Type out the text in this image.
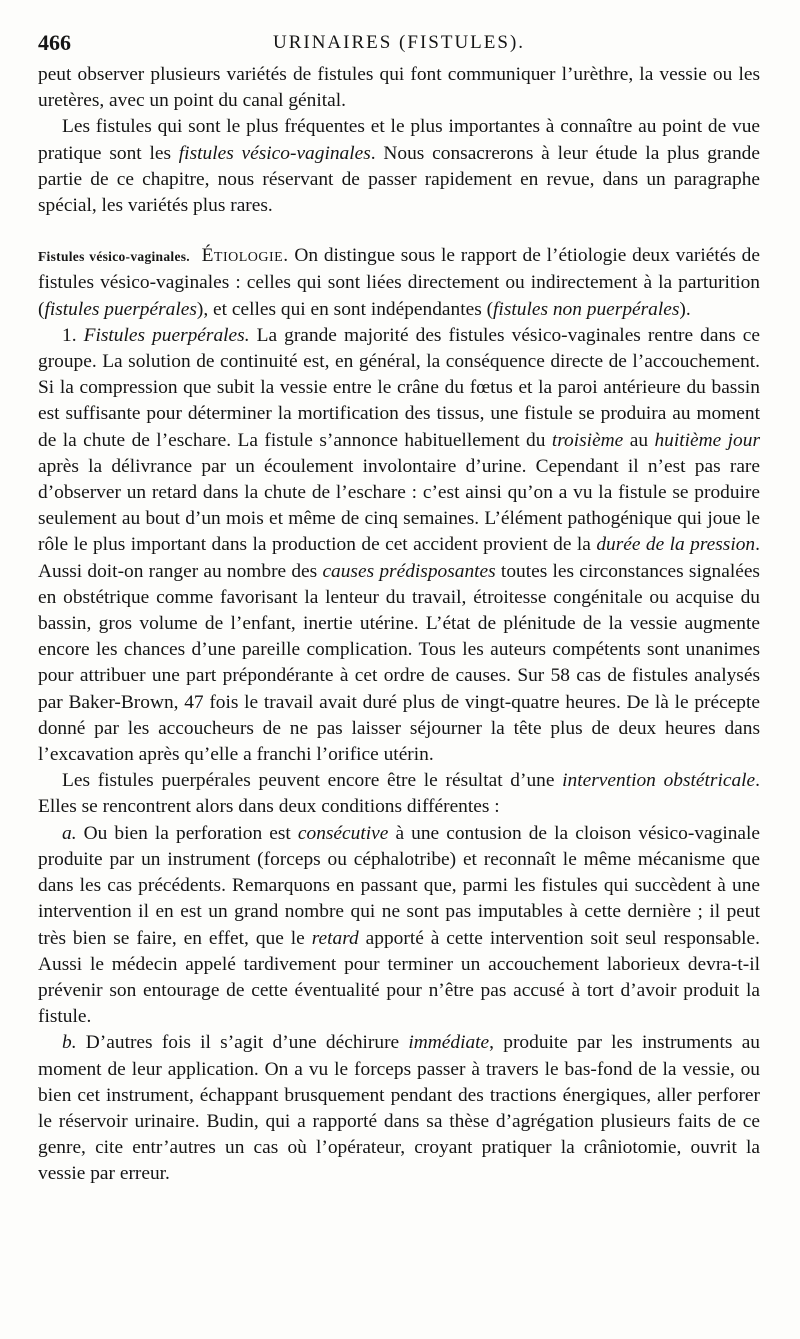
466	URINAIRES (FISTULES).

peut observer plusieurs variétés de fistules qui font communiquer l’urèthre, la vessie ou les uretères, avec un point du canal génital.

Les fistules qui sont le plus fréquentes et le plus importantes à connaître au point de vue pratique sont les fistules vésico-vaginales. Nous consacrerons à leur étude la plus grande partie de ce chapitre, nous réservant de passer rapidement en revue, dans un paragraphe spécial, les variétés plus rares.

Fistules vésico-vaginales. Étiologie. On distingue sous le rapport de l’étiologie deux variétés de fistules vésico-vaginales : celles qui sont liées directement ou indirectement à la parturition (fistules puerpérales), et celles qui en sont indépendantes (fistules non puerpérales).

1. Fistules puerpérales. La grande majorité des fistules vésico-vaginales rentre dans ce groupe. La solution de continuité est, en général, la conséquence directe de l’accouchement. Si la compression que subit la vessie entre le crâne du fœtus et la paroi antérieure du bassin est suffisante pour déterminer la mortification des tissus, une fistule se produira au moment de la chute de l’eschare. La fistule s’annonce habituellement du troisième au huitième jour après la délivrance par un écoulement involontaire d’urine. Cependant il n’est pas rare d’observer un retard dans la chute de l’eschare : c’est ainsi qu’on a vu la fistule se produire seulement au bout d’un mois et même de cinq semaines. L’élément pathogénique qui joue le rôle le plus important dans la production de cet accident provient de la durée de la pression. Aussi doit-on ranger au nombre des causes prédisposantes toutes les circonstances signalées en obstétrique comme favorisant la lenteur du travail, étroitesse congénitale ou acquise du bassin, gros volume de l’enfant, inertie utérine. L’état de plénitude de la vessie augmente encore les chances d’une pareille complication. Tous les auteurs compétents sont unanimes pour attribuer une part prépondérante à cet ordre de causes. Sur 58 cas de fistules analysés par Baker-Brown, 47 fois le travail avait duré plus de vingt-quatre heures. De là le précepte donné par les accoucheurs de ne pas laisser séjourner la tête plus de deux heures dans l’excavation après qu’elle a franchi l’orifice utérin.

Les fistules puerpérales peuvent encore être le résultat d’une intervention obstétricale. Elles se rencontrent alors dans deux conditions différentes :

a. Ou bien la perforation est consécutive à une contusion de la cloison vésico-vaginale produite par un instrument (forceps ou céphalotribe) et reconnaît le même mécanisme que dans les cas précédents. Remarquons en passant que, parmi les fistules qui succèdent à une intervention il en est un grand nombre qui ne sont pas imputables à cette dernière ; il peut très bien se faire, en effet, que le retard apporté à cette intervention soit seul responsable. Aussi le médecin appelé tardivement pour terminer un accouchement laborieux devra-t-il prévenir son entourage de cette éventualité pour n’être pas accusé à tort d’avoir produit la fistule.

b. D’autres fois il s’agit d’une déchirure immédiate, produite par les instruments au moment de leur application. On a vu le forceps passer à travers le bas-fond de la vessie, ou bien cet instrument, échappant brusquement pendant des tractions énergiques, aller perforer le réservoir urinaire. Budin, qui a rapporté dans sa thèse d’agrégation plusieurs faits de ce genre, cite entr’autres un cas où l’opérateur, croyant pratiquer la crâniotomie, ouvrit la vessie par erreur.
